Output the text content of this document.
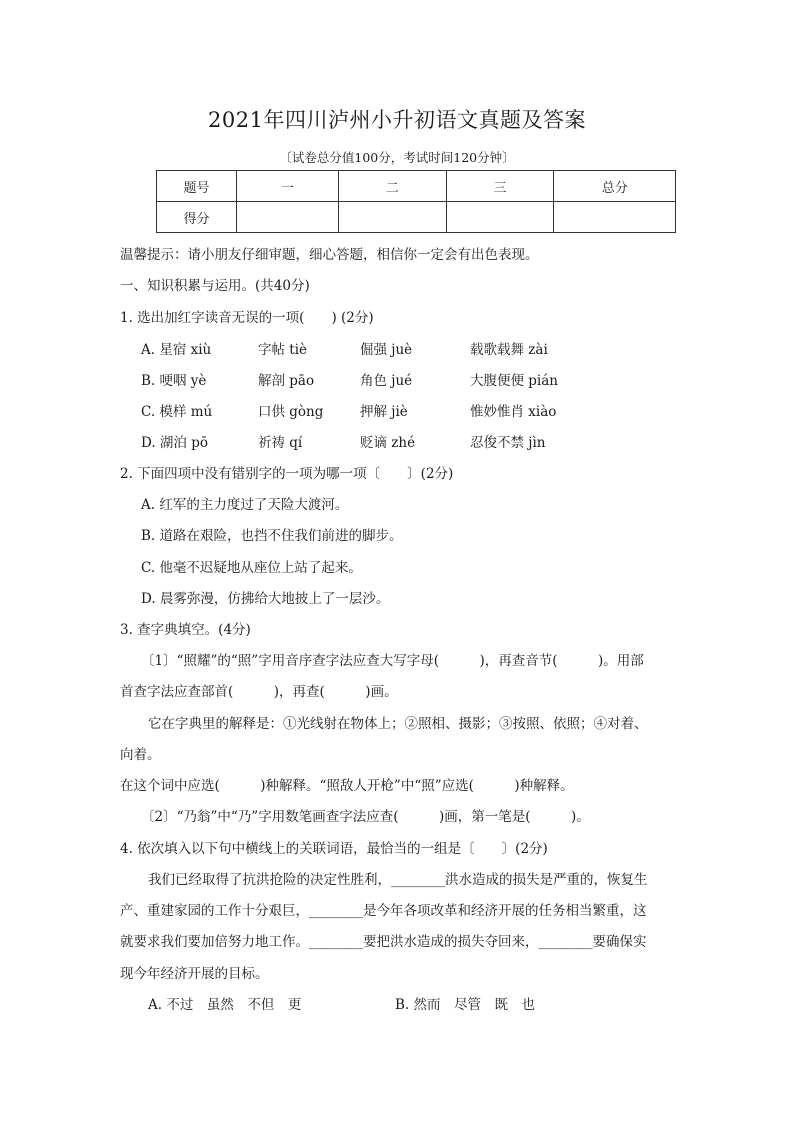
2021年四川泸州小升初语文真题及答案
〔试卷总分值100分，考试时间120分钟〕
题号	一	二	三	总分
得分				
温馨提示：请小朋友仔细审题，细心答题，相信你一定会有出色表现。
一、知识积累与运用。(共40分)
1. 选出加红字读音无误的一项(　　) (2分)
A. 星宿 xiù	字帖 tiè	倔强 juè	载歌载舞 zài
B. 哽咽 yè	解剖 pāo	角色 jué	大腹便便 pián
C. 模样 mú	口供 gòng	押解 jiè	惟妙惟肖 xiào
D. 湖泊 pō	祈祷 qí	贬谪 zhé	忍俊不禁 jìn
2. 下面四项中没有错别字的一项为哪一项〔　　〕(2分)
A. 红军的主力度过了天险大渡河。
B. 道路在艰险，也挡不住我们前进的脚步。
C. 他毫不迟疑地从座位上站了起来。
D. 晨雾弥漫，仿拂给大地披上了一层沙。
3. 查字典填空。(4分)
〔1〕“照耀”的“照”字用音序查字法应查大写字母(　　　)，再查音节(　　　)。用部
首查字法应查部首(　　　)，再查(　　　)画。
它在字典里的解释是：①光线射在物体上；②照相、摄影；③按照、依照；④对着、
向着。
在这个词中应选(　　　)种解释。“照敌人开枪”中“照”应选(　　　)种解释。
〔2〕“乃翁”中“乃”字用数笔画查字法应查(　　　)画，第一笔是(　　　)。
4. 依次填入以下句中横线上的关联词语，最恰当的一组是〔　　〕(2分)
我们已经取得了抗洪抢险的决定性胜利，________洪水造成的损失是严重的，恢复生
产、重建家园的工作十分艰巨，________是今年各项改革和经济开展的任务相当繁重，这
就要求我们要加倍努力地工作。________要把洪水造成的损失夺回来，________要确保实
现今年经济开展的目标。
A. 不过　虽然　不但　更	B. 然而　尽管　既　也
